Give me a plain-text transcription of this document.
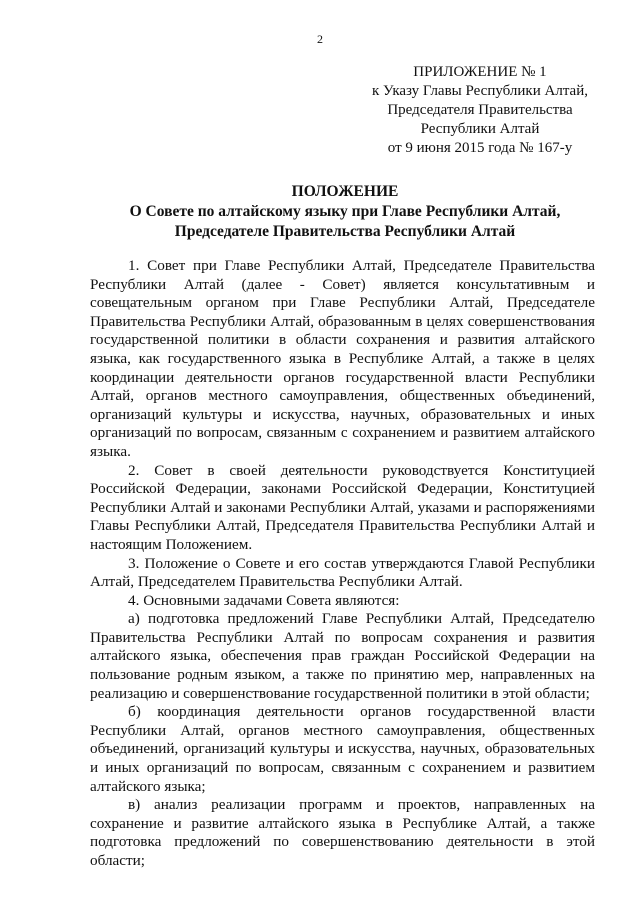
2
ПРИЛОЖЕНИЕ № 1
к Указу Главы Республики Алтай,
Председателя Правительства
Республики Алтай
от 9 июня 2015 года № 167-у
ПОЛОЖЕНИЕ
О Совете по алтайскому языку при Главе Республики Алтай,
Председателе Правительства Республики Алтай

1. Совет при Главе Республики Алтай, Председателе Правительства Республики Алтай (далее - Совет) является консультативным и совещательным органом при Главе Республики Алтай, Председателе Правительства Республики Алтай, образованным в целях совершенствования государственной политики в области сохранения и развития алтайского языка, как государственного языка в Республике Алтай, а также в целях координации деятельности органов государственной власти Республики Алтай, органов местного самоуправления, общественных объединений, организаций культуры и искусства, научных, образовательных и иных организаций по вопросам, связанным с сохранением и развитием алтайского языка.

2. Совет в своей деятельности руководствуется Конституцией Российской Федерации, законами Российской Федерации, Конституцией Республики Алтай и законами Республики Алтай, указами и распоряжениями Главы Республики Алтай, Председателя Правительства Республики Алтай и настоящим Положением.

3. Положение о Совете и его состав утверждаются Главой Республики Алтай, Председателем Правительства Республики Алтай.

4. Основными задачами Совета являются:

а) подготовка предложений Главе Республики Алтай, Председателю Правительства Республики Алтай по вопросам сохранения и развития алтайского языка, обеспечения прав граждан Российской Федерации на пользование родным языком, а также по принятию мер, направленных на реализацию и совершенствование государственной политики в этой области;

б) координация деятельности органов государственной власти Республики Алтай, органов местного самоуправления, общественных объединений, организаций культуры и искусства, научных, образовательных и иных организаций по вопросам, связанным с сохранением и развитием алтайского языка;

в) анализ реализации программ и проектов, направленных на сохранение и развитие алтайского языка в Республике Алтай, а также подготовка предложений по совершенствованию деятельности в этой области;
